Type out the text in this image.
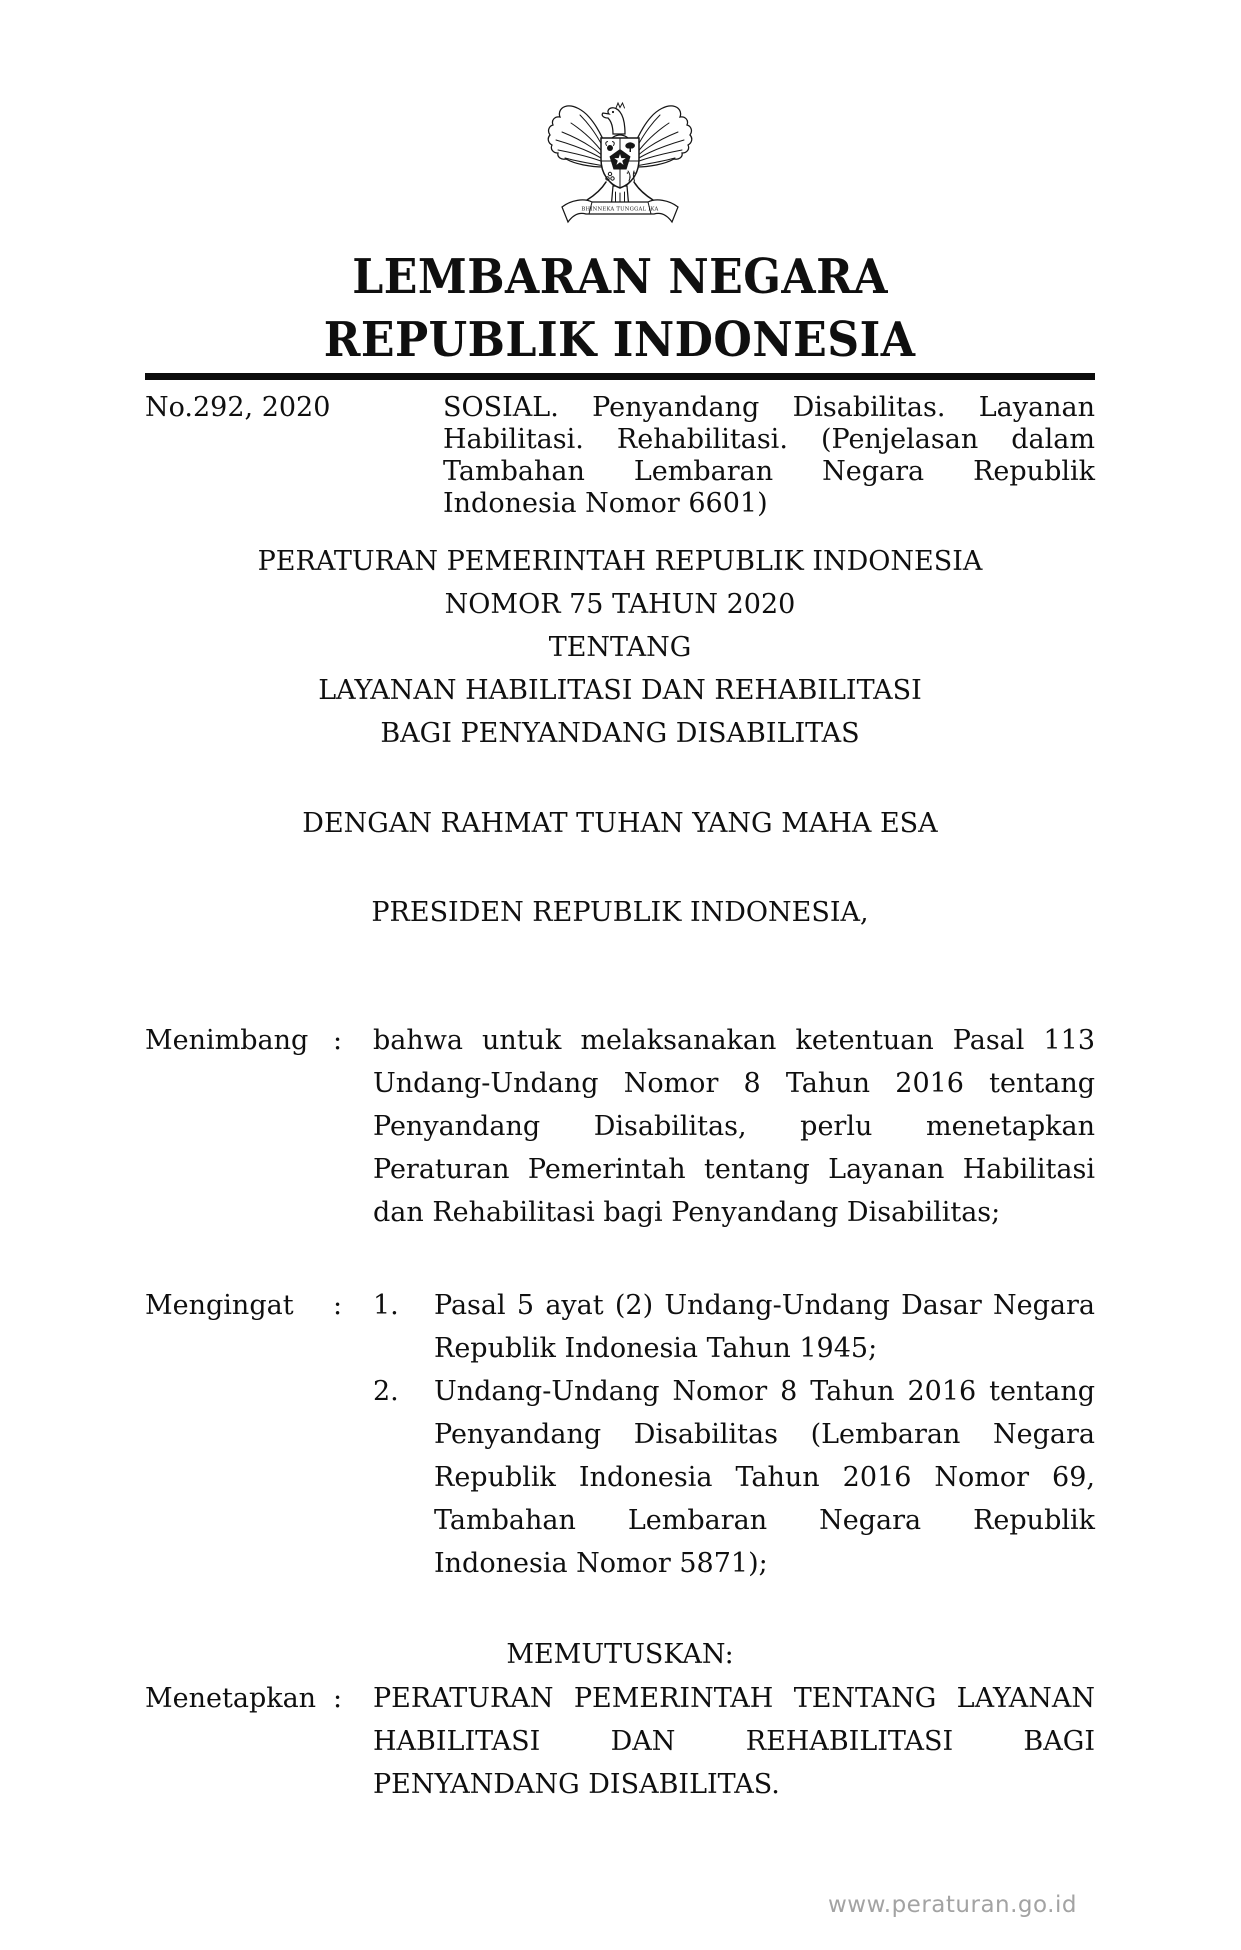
BHINNEKA TUNGGAL IKA
LEMBARAN NEGARA
REPUBLIK INDONESIA
No.292, 2020	SOSIAL. Penyandang Disabilitas. Layanan Habilitasi. Rehabilitasi. (Penjelasan dalam Tambahan Lembaran Negara Republik Indonesia Nomor 6601)
PERATURAN PEMERINTAH REPUBLIK INDONESIA
NOMOR 75 TAHUN 2020
TENTANG
LAYANAN HABILITASI DAN REHABILITASI
BAGI PENYANDANG DISABILITAS
DENGAN RAHMAT TUHAN YANG MAHA ESA
PRESIDEN REPUBLIK INDONESIA,
Menimbang :	bahwa untuk melaksanakan ketentuan Pasal 113 Undang-Undang Nomor 8 Tahun 2016 tentang Penyandang Disabilitas, perlu menetapkan Peraturan Pemerintah tentang Layanan Habilitasi dan Rehabilitasi bagi Penyandang Disabilitas;
Mengingat	:	1.	Pasal 5 ayat (2) Undang-Undang Dasar Negara Republik Indonesia Tahun 1945;
2.	Undang-Undang Nomor 8 Tahun 2016 tentang Penyandang Disabilitas (Lembaran Negara Republik Indonesia Tahun 2016 Nomor 69, Tambahan Lembaran Negara Republik Indonesia Nomor 5871);
MEMUTUSKAN:
Menetapkan :	PERATURAN PEMERINTAH TENTANG LAYANAN HABILITASI DAN REHABILITASI BAGI PENYANDANG DISABILITAS.
www.peraturan.go.id
